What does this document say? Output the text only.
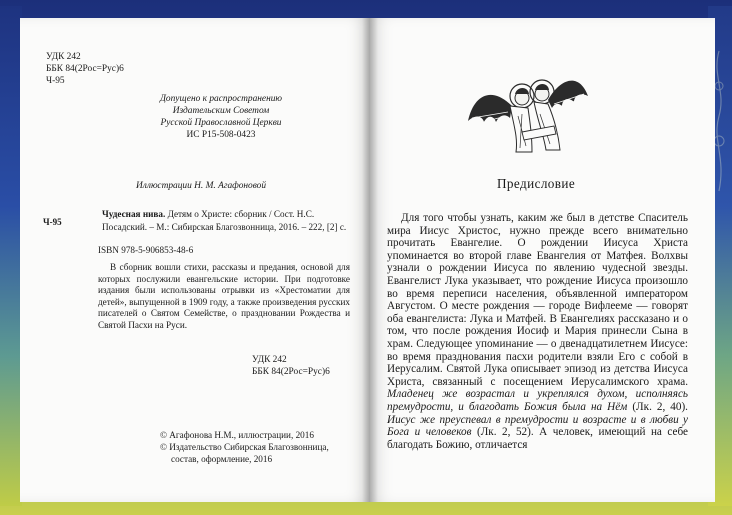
УДК 242
ББК 84(2Рос=Рус)6
Ч-95
Допущено к распространению
Издательским Советом
Русской Православной Церкви
ИС Р15-508-0423
Иллюстрации Н. М. Агафоновой
Ч-95
Чудесная нива. Детям о Христе: сборник / Сост. Н.С. Посадский. – М.: Сибирская Благозвонница, 2016. – 222, [2] с.
ISBN 978-5-906853-48-6
В сборник вошли стихи, рассказы и предания, основой для которых послужили евангельские истории. При подготовке издания были использованы отрывки из «Хрестоматии для детей», выпущенной в 1909 году, а также произведения русских писателей о Святом Семействе, о праздновании Рождества и Святой Пасхи на Руси.
УДК 242
ББК 84(2Рос=Рус)6
© Агафонова Н.М., иллюстрации, 2016
© Издательство Сибирская Благозвонница,
состав, оформление, 2016
Предисловие

Для того чтобы узнать, каким же был в детстве Спаситель мира Иисус Христос, нужно прежде всего внимательно прочитать Евангелие. О рождении Иисуса Христа упоминается во второй главе Евангелия от Матфея. Волхвы узнали о рождении Иисуса по явлению чудесной звезды. Евангелист Лука указывает, что рождение Иисуса произошло во время переписи населения, объявленной императором Августом. О месте рождения — городе Вифлееме — говорят оба евангелиста: Лука и Матфей. В Евангелиях рассказано и о том, что после рождения Иосиф и Мария принесли Сына в храм. Следующее упоминание — о двенадцатилетнем Иисусе: во время празднования пасхи родители взяли Его с собой в Иерусалим. Святой Лука описывает эпизод из детства Иисуса Христа, связанный с посещением Иерусалимского храма. Младенец же возрастал и укреплялся духом, исполняясь премудрости, и благодать Божия была на Нём (Лк. 2, 40). Иисус же преуспевал в премудрости и возрасте и в любви у Бога и человеков (Лк. 2, 52). А человек, имеющий на себе благодать Божию, отличается
